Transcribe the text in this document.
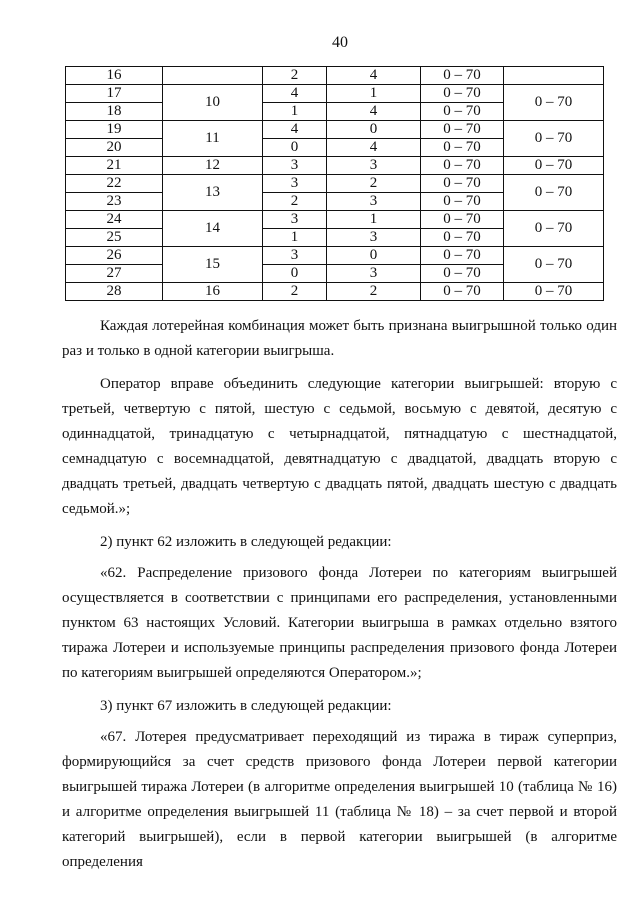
40
16		2	4	0 – 70	
17	10	4	1	0 – 70	0 – 70
18		1	4	0 – 70	
19	11	4	0	0 – 70	0 – 70
20		0	4	0 – 70	
21	12	3	3	0 – 70	0 – 70
22	13	3	2	0 – 70	0 – 70
23		2	3	0 – 70	
24	14	3	1	0 – 70	0 – 70
25		1	3	0 – 70	
26	15	3	0	0 – 70	0 – 70
27		0	3	0 – 70	
28	16	2	2	0 – 70	0 – 70

Каждая лотерейная комбинация может быть признана выигрышной только один раз и только в одной категории выигрыша.

Оператор вправе объединить следующие категории выигрышей: вторую с третьей, четвертую с пятой, шестую с седьмой, восьмую с девятой, десятую с одиннадцатой, тринадцатую с четырнадцатой, пятнадцатую с шестнадцатой, семнадцатую с восемнадцатой, девятнадцатую с двадцатой, двадцать вторую с двадцать третьей, двадцать четвертую с двадцать пятой, двадцать шестую с двадцать седьмой.»;

2) пункт 62 изложить в следующей редакции:

«62. Распределение призового фонда Лотереи по категориям выигрышей осуществляется в соответствии с принципами его распределения, установленными пунктом 63 настоящих Условий. Категории выигрыша в рамках отдельно взятого тиража Лотереи и используемые принципы распределения призового фонда Лотереи по категориям выигрышей определяются Оператором.»;

3) пункт 67 изложить в следующей редакции:

«67. Лотерея предусматривает переходящий из тиража в тираж суперприз, формирующийся за счет средств призового фонда Лотереи первой категории выигрышей тиража Лотереи (в алгоритме определения выигрышей 10 (таблица № 16) и алгоритме определения выигрышей 11 (таблица № 18) – за счет первой и второй категорий выигрышей), если в первой категории выигрышей (в алгоритме определения
